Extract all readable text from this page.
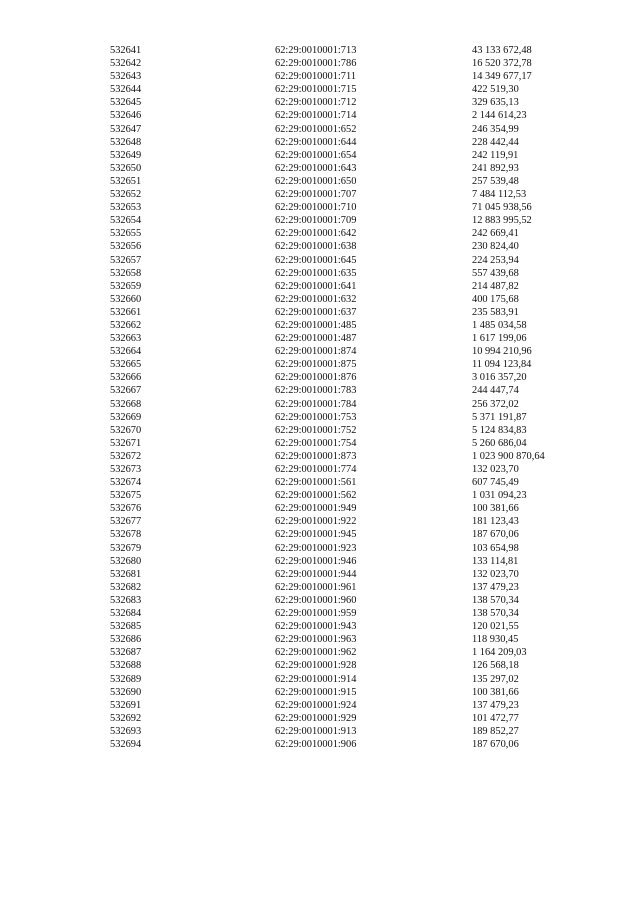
532641	62:29:0010001:713	43 133 672,48
532642	62:29:0010001:786	16 520 372,78
532643	62:29:0010001:711	14 349 677,17
532644	62:29:0010001:715	422 519,30
532645	62:29:0010001:712	329 635,13
532646	62:29:0010001:714	2 144 614,23
532647	62:29:0010001:652	246 354,99
532648	62:29:0010001:644	228 442,44
532649	62:29:0010001:654	242 119,91
532650	62:29:0010001:643	241 892,93
532651	62:29:0010001:650	257 539,48
532652	62:29:0010001:707	7 484 112,53
532653	62:29:0010001:710	71 045 938,56
532654	62:29:0010001:709	12 883 995,52
532655	62:29:0010001:642	242 669,41
532656	62:29:0010001:638	230 824,40
532657	62:29:0010001:645	224 253,94
532658	62:29:0010001:635	557 439,68
532659	62:29:0010001:641	214 487,82
532660	62:29:0010001:632	400 175,68
532661	62:29:0010001:637	235 583,91
532662	62:29:0010001:485	1 485 034,58
532663	62:29:0010001:487	1 617 199,06
532664	62:29:0010001:874	10 994 210,96
532665	62:29:0010001:875	11 094 123,84
532666	62:29:0010001:876	3 016 357,20
532667	62:29:0010001:783	244 447,74
532668	62:29:0010001:784	256 372,02
532669	62:29:0010001:753	5 371 191,87
532670	62:29:0010001:752	5 124 834,83
532671	62:29:0010001:754	5 260 686,04
532672	62:29:0010001:873	1 023 900 870,64
532673	62:29:0010001:774	132 023,70
532674	62:29:0010001:561	607 745,49
532675	62:29:0010001:562	1 031 094,23
532676	62:29:0010001:949	100 381,66
532677	62:29:0010001:922	181 123,43
532678	62:29:0010001:945	187 670,06
532679	62:29:0010001:923	103 654,98
532680	62:29:0010001:946	133 114,81
532681	62:29:0010001:944	132 023,70
532682	62:29:0010001:961	137 479,23
532683	62:29:0010001:960	138 570,34
532684	62:29:0010001:959	138 570,34
532685	62:29:0010001:943	120 021,55
532686	62:29:0010001:963	118 930,45
532687	62:29:0010001:962	1 164 209,03
532688	62:29:0010001:928	126 568,18
532689	62:29:0010001:914	135 297,02
532690	62:29:0010001:915	100 381,66
532691	62:29:0010001:924	137 479,23
532692	62:29:0010001:929	101 472,77
532693	62:29:0010001:913	189 852,27
532694	62:29:0010001:906	187 670,06
